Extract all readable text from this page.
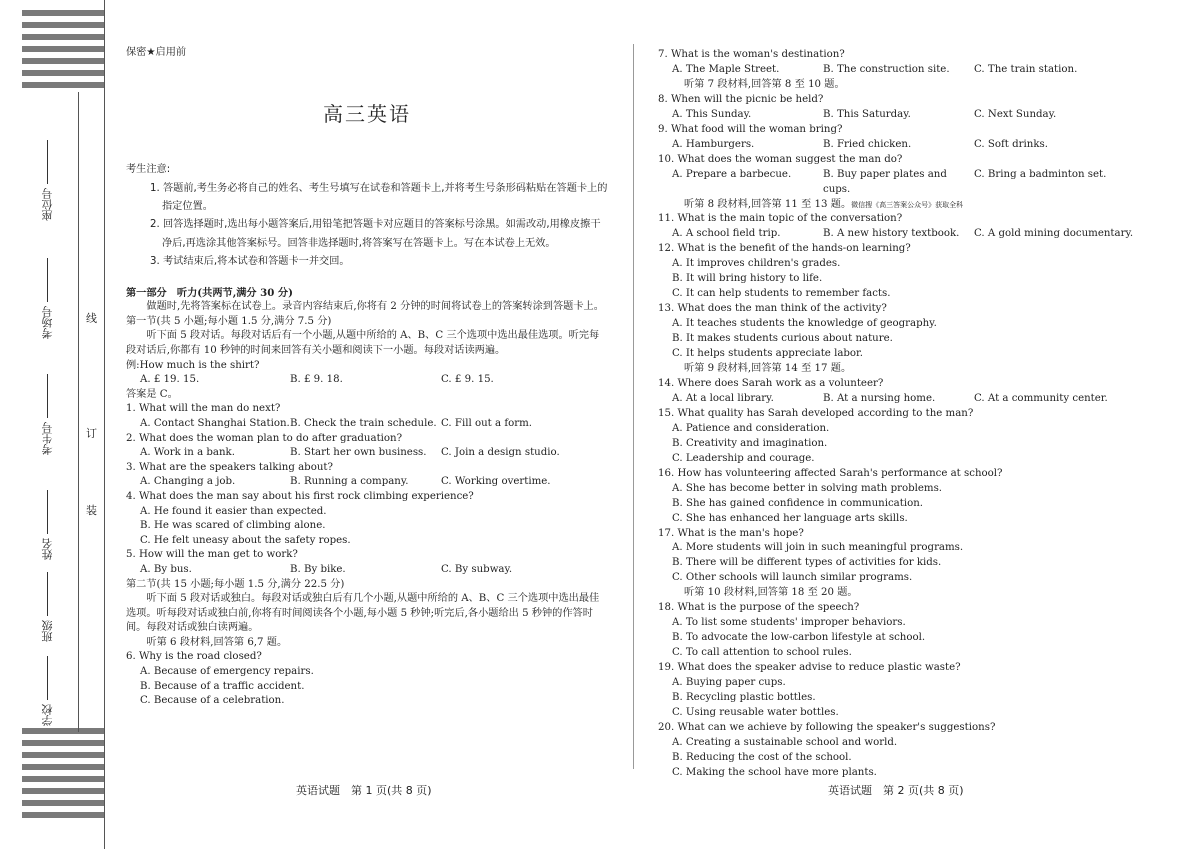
座位号
考场号
考生号
姓名
班级
学校
线
订
装

保密★启用前

高三英语

考生注意:

1. 答题前,考生务必将自己的姓名、考生号填写在试卷和答题卡上,并将考生号条形码粘贴在答题卡上的指定位置。

2. 回答选择题时,选出每小题答案后,用铅笔把答题卡对应题目的答案标号涂黑。如需改动,用橡皮擦干净后,再选涂其他答案标号。回答非选择题时,将答案写在答题卡上。写在本试卷上无效。

3. 考试结束后,将本试卷和答题卡一并交回。

第一部分　听力(共两节,满分 30 分)

做题时,先将答案标在试卷上。录音内容结束后,你将有 2 分钟的时间将试卷上的答案转涂到答题卡上。

第一节(共 5 小题;每小题 1.5 分,满分 7.5 分)

听下面 5 段对话。每段对话后有一个小题,从题中所给的 A、B、C 三个选项中选出最佳选项。听完每段对话后,你都有 10 秒钟的时间来回答有关小题和阅读下一小题。每段对话读两遍。

例:How much is the shirt?

A. £ 19. 15.	B. £ 9. 18.	C. £ 9. 15.

答案是 C。

1. What will the man do next?

A. Contact Shanghai Station. B. Check the train schedule. C. Fill out a form.

2. What does the woman plan to do after graduation?

A. Work in a bank.	B. Start her own business.	C. Join a design studio.

3. What are the speakers talking about?

A. Changing a job.	B. Running a company.	C. Working overtime.

4. What does the man say about his first rock climbing experience?

A. He found it easier than expected.

B. He was scared of climbing alone.

C. He felt uneasy about the safety ropes.

5. How will the man get to work?

A. By bus.	B. By bike.	C. By subway.

第二节(共 15 小题;每小题 1.5 分,满分 22.5 分)

听下面 5 段对话或独白。每段对话或独白后有几个小题,从题中所给的 A、B、C 三个选项中选出最佳选项。听每段对话或独白前,你将有时间阅读各个小题,每小题 5 秒钟;听完后,各小题给出 5 秒钟的作答时间。每段对话或独白读两遍。

听第 6 段材料,回答第 6,7 题。

6. Why is the road closed?

A. Because of emergency repairs.

B. Because of a traffic accident.

C. Because of a celebration.

7. What is the woman's destination?

A. The Maple Street.	B. The construction site.	C. The train station.

听第 7 段材料,回答第 8 至 10 题。

8. When will the picnic be held?

A. This Sunday.	B. This Saturday.	C. Next Sunday.

9. What food will the woman bring?

A. Hamburgers.	B. Fried chicken.	C. Soft drinks.

10. What does the woman suggest the man do?

A. Prepare a barbecue.	B. Buy paper plates and cups.
C. Bring a badminton set.

听第 8 段材料,回答第 11 至 13 题。微信搜《高三答案公众号》获取全科

11. What is the main topic of the conversation?

A. A school field trip.	B. A new history textbook.	C. A gold mining documentary.

12. What is the benefit of the hands-on learning?

A. It improves children's grades.

B. It will bring history to life.

C. It can help students to remember facts.

13. What does the man think of the activity?

A. It teaches students the knowledge of geography.

B. It makes students curious about nature.

C. It helps students appreciate labor.

听第 9 段材料,回答第 14 至 17 题。

14. Where does Sarah work as a volunteer?

A. At a local library.	B. At a nursing home.	C. At a community center.

15. What quality has Sarah developed according to the man?

A. Patience and consideration.

B. Creativity and imagination.

C. Leadership and courage.

16. How has volunteering affected Sarah's performance at school?

A. She has become better in solving math problems.

B. She has gained confidence in communication.

C. She has enhanced her language arts skills.

17. What is the man's hope?

A. More students will join in such meaningful programs.

B. There will be different types of activities for kids.

C. Other schools will launch similar programs.

听第 10 段材料,回答第 18 至 20 题。

18. What is the purpose of the speech?

A. To list some students' improper behaviors.

B. To advocate the low-carbon lifestyle at school.

C. To call attention to school rules.

19. What does the speaker advise to reduce plastic waste?

A. Buying paper cups.

B. Recycling plastic bottles.

C. Using reusable water bottles.

20. What can we achieve by following the speaker's suggestions?

A. Creating a sustainable school and world.

B. Reducing the cost of the school.

C. Making the school have more plants.

英语试题　第 1 页(共 8 页)	英语试题　第 2 页(共 8 页)
